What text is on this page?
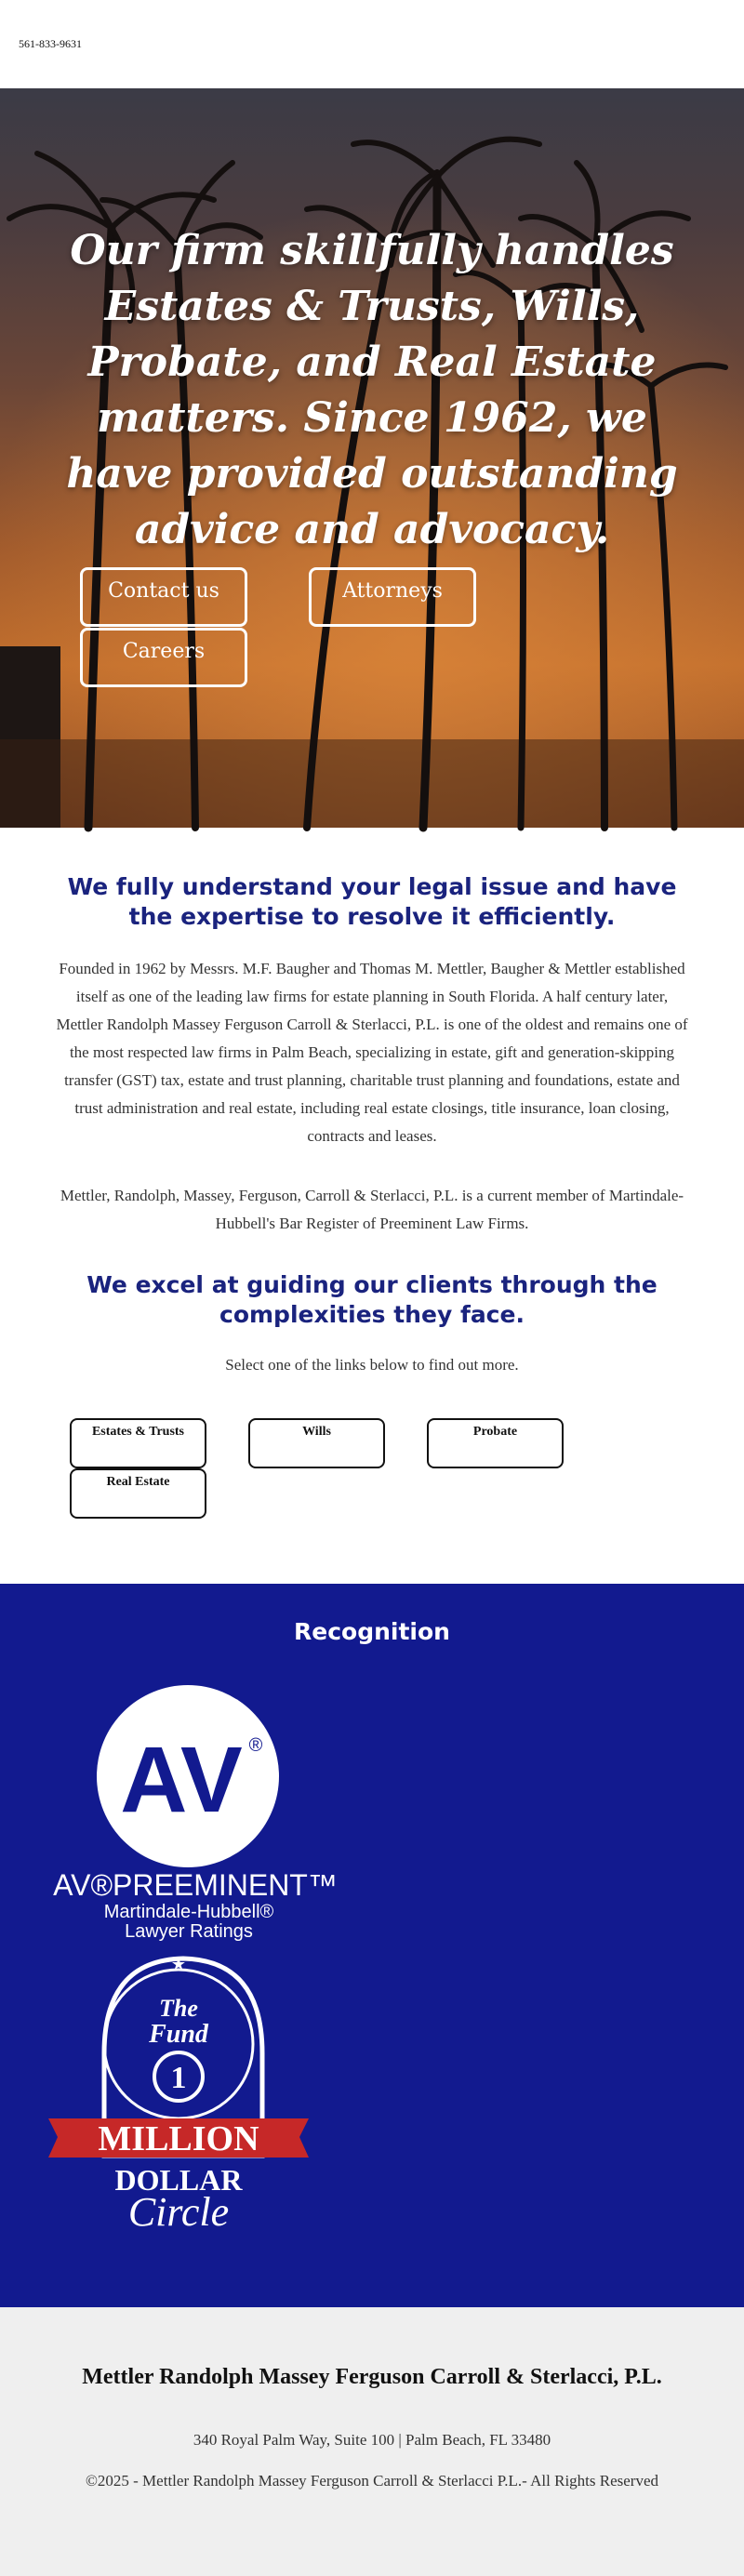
561-833-9631
Our firm skillfully handles Estates & Trusts, Wills, Probate, and Real Estate matters. Since 1962, we have provided outstanding advice and advocacy.
Contact us	Attorneys
Careers
We fully understand your legal issue and have the expertise to resolve it efficiently.

Founded in 1962 by Messrs. M.F. Baugher and Thomas M. Mettler, Baugher & Mettler established itself as one of the leading law firms for estate planning in South Florida. A half century later, Mettler Randolph Massey Ferguson Carroll & Sterlacci, P.L. is one of the oldest and remains one of the most respected law firms in Palm Beach, specializing in estate, gift and generation-skipping transfer (GST) tax, estate and trust planning, charitable trust planning and foundations, estate and trust administration and real estate, including real estate closings, title insurance, loan closing, contracts and leases.

Mettler, Randolph, Massey, Ferguson, Carroll & Sterlacci, P.L. is a current member of Martindale-Hubbell's Bar Register of Preeminent Law Firms.

We excel at guiding our clients through the complexities they face.

Select one of the links below to find out more.

Estates & Trusts	Wills	Probate
Real Estate
Recognition
AV ®
AV®PREEMINENT™
Martindale-Hubbell®
Lawyer Ratings
★
The
Fund
1
MILLION
DOLLAR
Circle
Mettler Randolph Massey Ferguson Carroll & Sterlacci, P.L.
340 Royal Palm Way, Suite 100 | Palm Beach, FL 33480
©2025 - Mettler Randolph Massey Ferguson Carroll & Sterlacci P.L.- All Rights Reserved
